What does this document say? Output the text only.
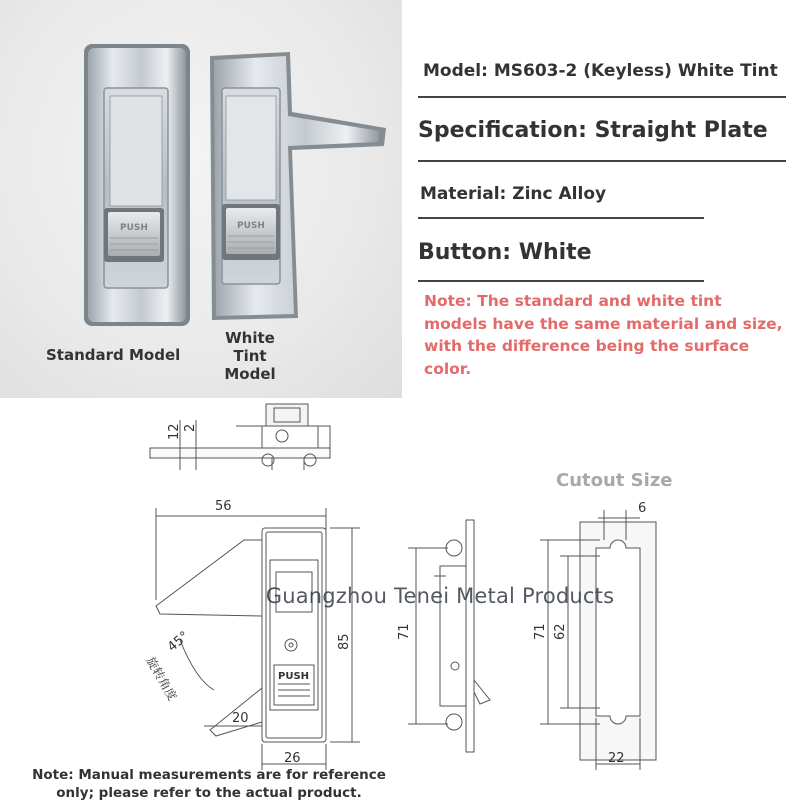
PUSH	PUSH
Standard Model
White
Tint
Model
Model: MS603-2 (Keyless) White Tint
Specification: Straight Plate
Material: Zinc Alloy
Button: White
Note: The standard and white tint models have the same material and size, with the difference being the surface color.
12 2
56
85
45°
旋转角度
20
26
71
PUSH
6
71 62
22
Cutout Size
Guangzhou Tenei Metal Products
Note: Manual measurements are for reference only; please refer to the actual product.
